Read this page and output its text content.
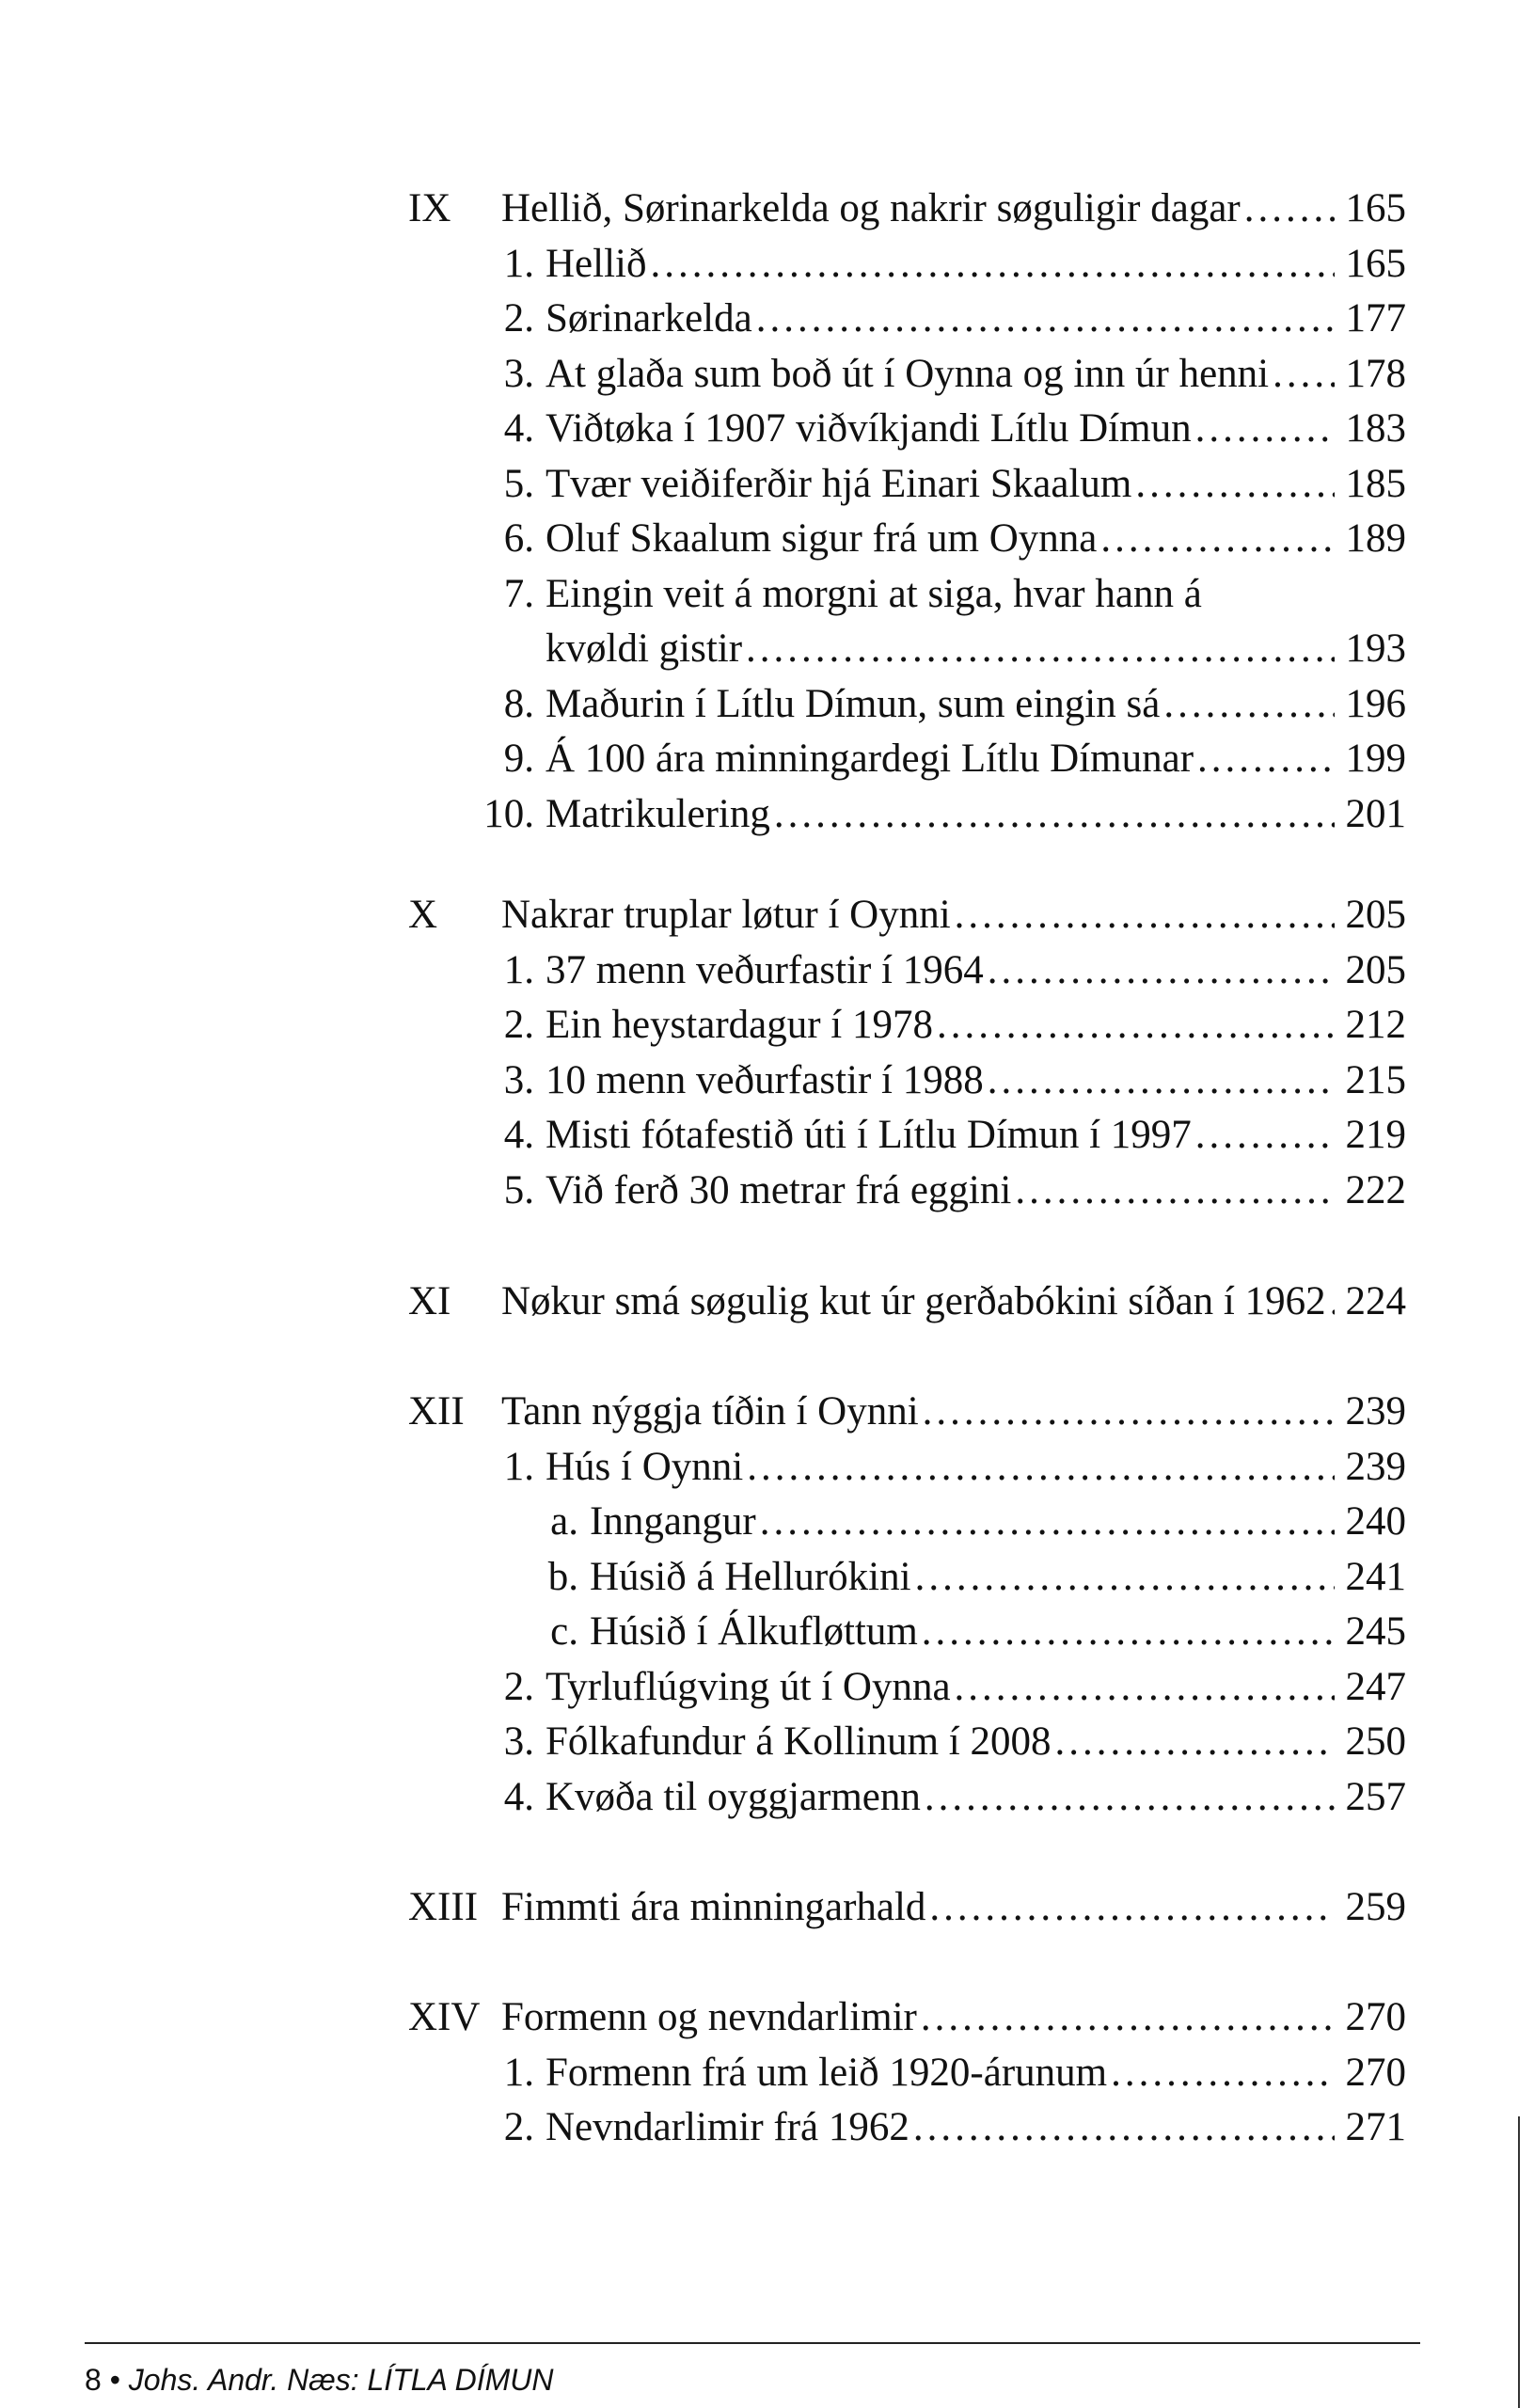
IX Hellið, Sørinarkelda og nakrir søguligir dagar .....	165
1. Hellið .....	165
2. Sørinarkelda .....	177
3. At glaða sum boð út í Oynna og inn úr henni ..... 178
4. Viðtøka í 1907 viðvíkjandi Lítlu Dímun .....	183
5. Tvær veiðiferðir hjá Einari Skaalum .....	185
6. Oluf Skaalum sigur frá um Oynna .....	189
7. Eingin veit á morgni at siga, hvar hann á
kvøldi gistir .....	193
8. Maðurin í Lítlu Dímun, sum eingin sá .....	196
9. Á 100 ára minningardegi Lítlu Dímunar .....	199
10. Matrikulering .....	201
X Nakrar truplar løtur í Oynni .....	205
1. 37 menn veðurfastir í 1964 .....	205
2. Ein heystardagur í 1978 .....	212
3. 10 menn veðurfastir í 1988 .....	215
4. Misti fótafestið úti í Lítlu Dímun í 1997 .....	219
5. Við ferð 30 metrar frá eggini .....	222
XI Nøkur smá søgulig kut úr gerðabókini síðan í 1962 ..... 224
XII Tann nýggja tíðin í Oynni .....	239
1. Hús í Oynni .....	239
a. Inngangur .....	240
b. Húsið á Hellurókini .....	241
c. Húsið í Álkufløttum .....	245
2. Tyrluflúgving út í Oynna .....	247
3. Fólkafundur á Kollinum í 2008 .....	250
4. Kvøða til oyggjarmenn .....	257
XIII Fimmti ára minningarhald .....	259
XIV Formenn og nevndarlimir .....	270
1. Formenn frá um leið 1920-árunum .....	270
2. Nevndarlimir frá 1962 .....	271
8 • Johs. Andr. Næs: LÍTLA DÍMUN
